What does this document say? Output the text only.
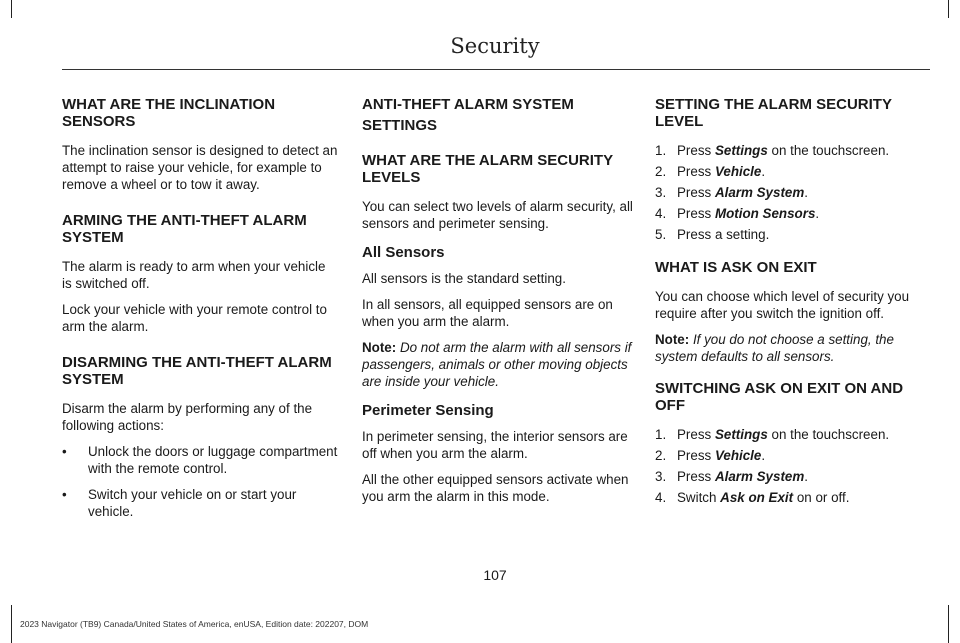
Security
WHAT ARE THE INCLINATION SENSORS

The inclination sensor is designed to detect an attempt to raise your vehicle, for example to remove a wheel or to tow it away.

ARMING THE ANTI-THEFT ALARM SYSTEM

The alarm is ready to arm when your vehicle is switched off.

Lock your vehicle with your remote control to arm the alarm.

DISARMING THE ANTI-THEFT ALARM SYSTEM

Disarm the alarm by performing any of the following actions:

• Unlock the doors or luggage compartment with the remote control.
• Switch your vehicle on or start your vehicle.
ANTI-THEFT ALARM SYSTEM
SETTINGS
WHAT ARE THE ALARM SECURITY LEVELS

You can select two levels of alarm security, all sensors and perimeter sensing.

All Sensors

All sensors is the standard setting.

In all sensors, all equipped sensors are on when you arm the alarm.

Note: Do not arm the alarm with all sensors if passengers, animals or other moving objects are inside your vehicle.

Perimeter Sensing

In perimeter sensing, the interior sensors are off when you arm the alarm.

All the other equipped sensors activate when you arm the alarm in this mode.

SETTING THE ALARM SECURITY LEVEL
1. Press Settings on the touchscreen.
2. Press Vehicle.
3. Press Alarm System.
4. Press Motion Sensors.
5. Press a setting.
WHAT IS ASK ON EXIT

You can choose which level of security you require after you switch the ignition off.

Note: If you do not choose a setting, the system defaults to all sensors.

SWITCHING ASK ON EXIT ON AND OFF
1. Press Settings on the touchscreen.
2. Press Vehicle.
3. Press Alarm System.
4. Switch Ask on Exit on or off.
107
2023 Navigator (TB9) Canada/United States of America, enUSA, Edition date: 202207, DOM
